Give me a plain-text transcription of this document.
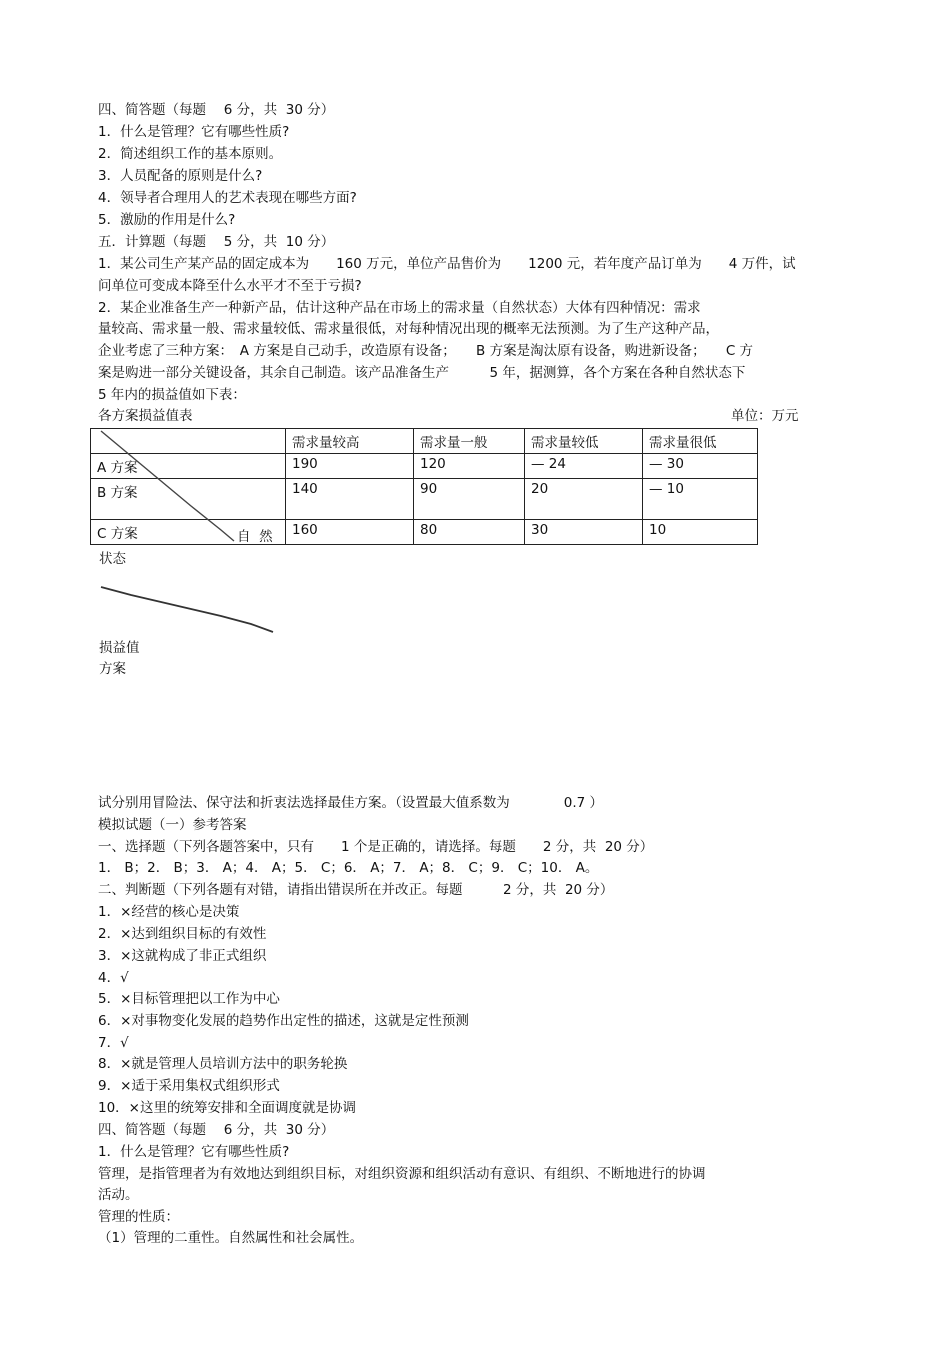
四、简答题（每题　 6 分，共  30 分）
1．什么是管理？它有哪些性质?
2．简述组织工作的基本原则。
3．人员配备的原则是什么?
4．领导者合理用人的艺术表现在哪些方面?
5．激励的作用是什么?
五．计算题（每题　 5 分，共  10 分）
1．某公司生产某产品的固定成本为　　160 万元，单位产品售价为　　1200 元，若年度产品订单为　　4 万件，试
问单位可变成本降至什么水平才不至于亏损?
2．某企业准备生产一种新产品，估计这种产品在市场上的需求量（自然状态）大体有四种情况：需求
量较高、需求量一般、需求量较低、需求量很低，对每种情况出现的概率无法预测。为了生产这种产品，
企业考虑了三种方案：　A 方案是自己动手，改造原有设备；　　B 方案是淘汰原有设备，购进新设备；　　C 方
案是购进一部分关键设备，其余自己制造。该产品准备生产　　　5 年，据测算，各个方案在各种自然状态下
5 年内的损益值如下表：
各方案损益值表	单位：万元
自  然
状态
损益值
方案	需求量较高	需求量一般	需求量较低	需求量很低
A 方案	190	120	— 24	— 30
B 方案	140	90	20	— 10
C 方案	160	80	30	10
试分别用冒险法、保守法和折衷法选择最佳方案。（设置最大值系数为　　　　0.7 ）
模拟试题（一）参考答案
一、选择题（下列各题答案中，只有　　1 个是正确的，请选择。每题　　2 分，共  20 分）
1． B；2． B；3． A；4． A；5． C；6． A；7． A；8． C；9． C；10． A。
二、判断题（下列各题有对错，请指出错误所在并改正。每题　　　2 分，共  20 分）
1．×经营的核心是决策
2．×达到组织目标的有效性
3．×这就构成了非正式组织
4．√
5．×目标管理把以工作为中心
6．×对事物变化发展的趋势作出定性的描述，这就是定性预测
7．√
8．×就是管理人员培训方法中的职务轮换
9．×适于采用集权式组织形式
10．×这里的统筹安排和全面调度就是协调
四、简答题（每题　 6 分，共  30 分）
1．什么是管理？它有哪些性质?
管理，是指管理者为有效地达到组织目标，对组织资源和组织活动有意识、有组织、不断地进行的协调
活动。
管理的性质：
（1）管理的二重性。自然属性和社会属性。
